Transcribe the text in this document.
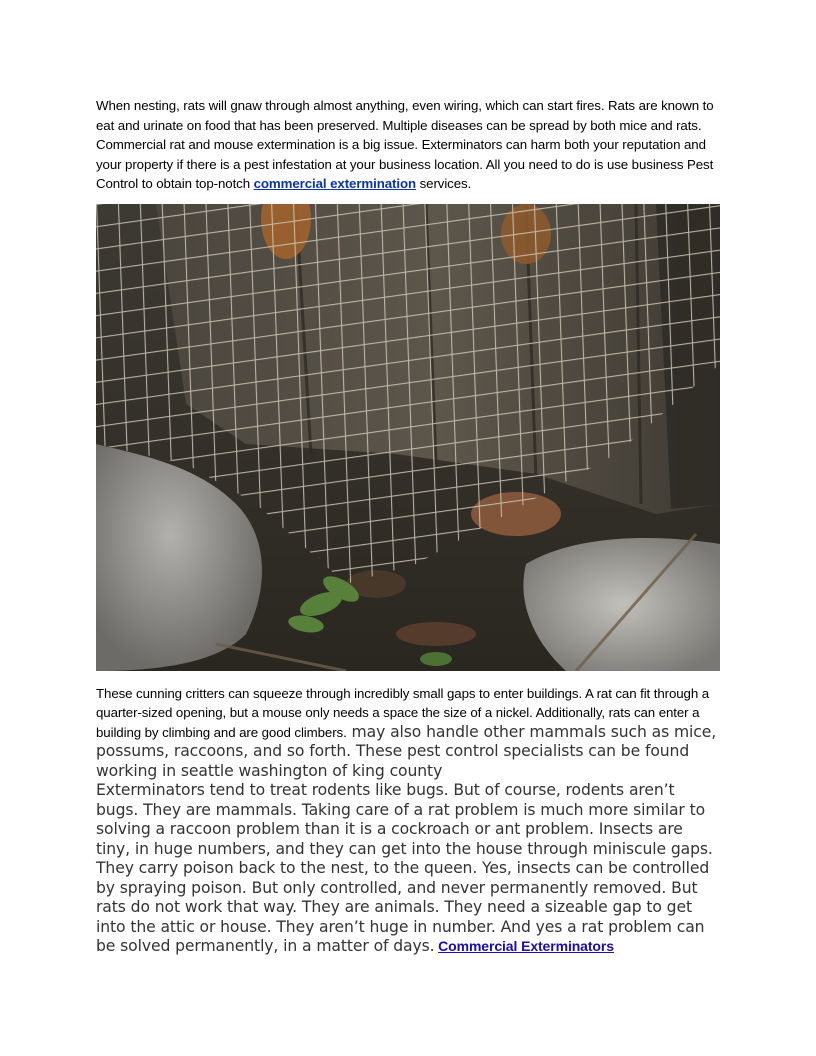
When nesting, rats will gnaw through almost anything, even wiring, which can start fires. Rats are known to eat and urinate on food that has been preserved. Multiple diseases can be spread by both mice and rats. Commercial rat and mouse extermination is a big issue. Exterminators can harm both your reputation and your property if there is a pest infestation at your business location. All you need to do is use business Pest Control to obtain top-notch commercial extermination services.

These cunning critters can squeeze through incredibly small gaps to enter buildings. A rat can fit through a quarter-sized opening, but a mouse only needs a space the size of a nickel. Additionally, rats can enter a building by climbing and are good climbers. may also handle other mammals such as mice, possums, raccoons, and so forth. These pest control specialists can be found working in seattle washington of king county
Exterminators tend to treat rodents like bugs. But of course, rodents aren’t bugs. They are mammals. Taking care of a rat problem is much more similar to solving a raccoon problem than it is a cockroach or ant problem. Insects are tiny, in huge numbers, and they can get into the house through miniscule gaps. They carry poison back to the nest, to the queen. Yes, insects can be controlled by spraying poison. But only controlled, and never permanently removed. But rats do not work that way. They are animals. They need a sizeable gap to get into the attic or house. They aren’t huge in number. And yes a rat problem can be solved permanently, in a matter of days. Commercial Exterminators
